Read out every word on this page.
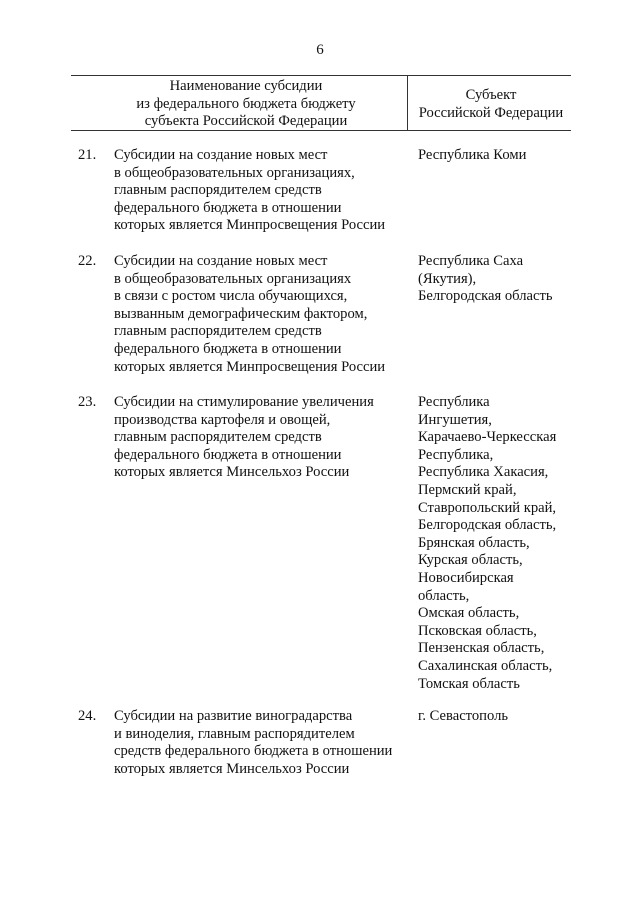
6
Наименование субсидии
из федерального бюджета бюджету
субъекта Российской Федерации
Субъект
Российской Федерации
21. Субсидии на создание новых мест
в общеобразовательных организациях,
главным распорядителем средств
федерального бюджета в отношении
которых является Минпросвещения России
Республика Коми
22. Субсидии на создание новых мест
в общеобразовательных организациях
в связи с ростом числа обучающихся,
вызванным демографическим фактором,
главным распорядителем средств
федерального бюджета в отношении
которых является Минпросвещения России
Республика Саха
(Якутия),
Белгородская область
23. Субсидии на стимулирование увеличения
производства картофеля и овощей,
главным распорядителем средств
федерального бюджета в отношении
которых является Минсельхоз России
Республика
Ингушетия,
Карачаево-Черкесская
Республика,
Республика Хакасия,
Пермский край,
Ставропольский край,
Белгородская область,
Брянская область,
Курская область,
Новосибирская
область,
Омская область,
Псковская область,
Пензенская область,
Сахалинская область,
Томская область
24. Субсидии на развитие виноградарства
и виноделия, главным распорядителем
средств федерального бюджета в отношении
которых является Минсельхоз России
г. Севастополь
